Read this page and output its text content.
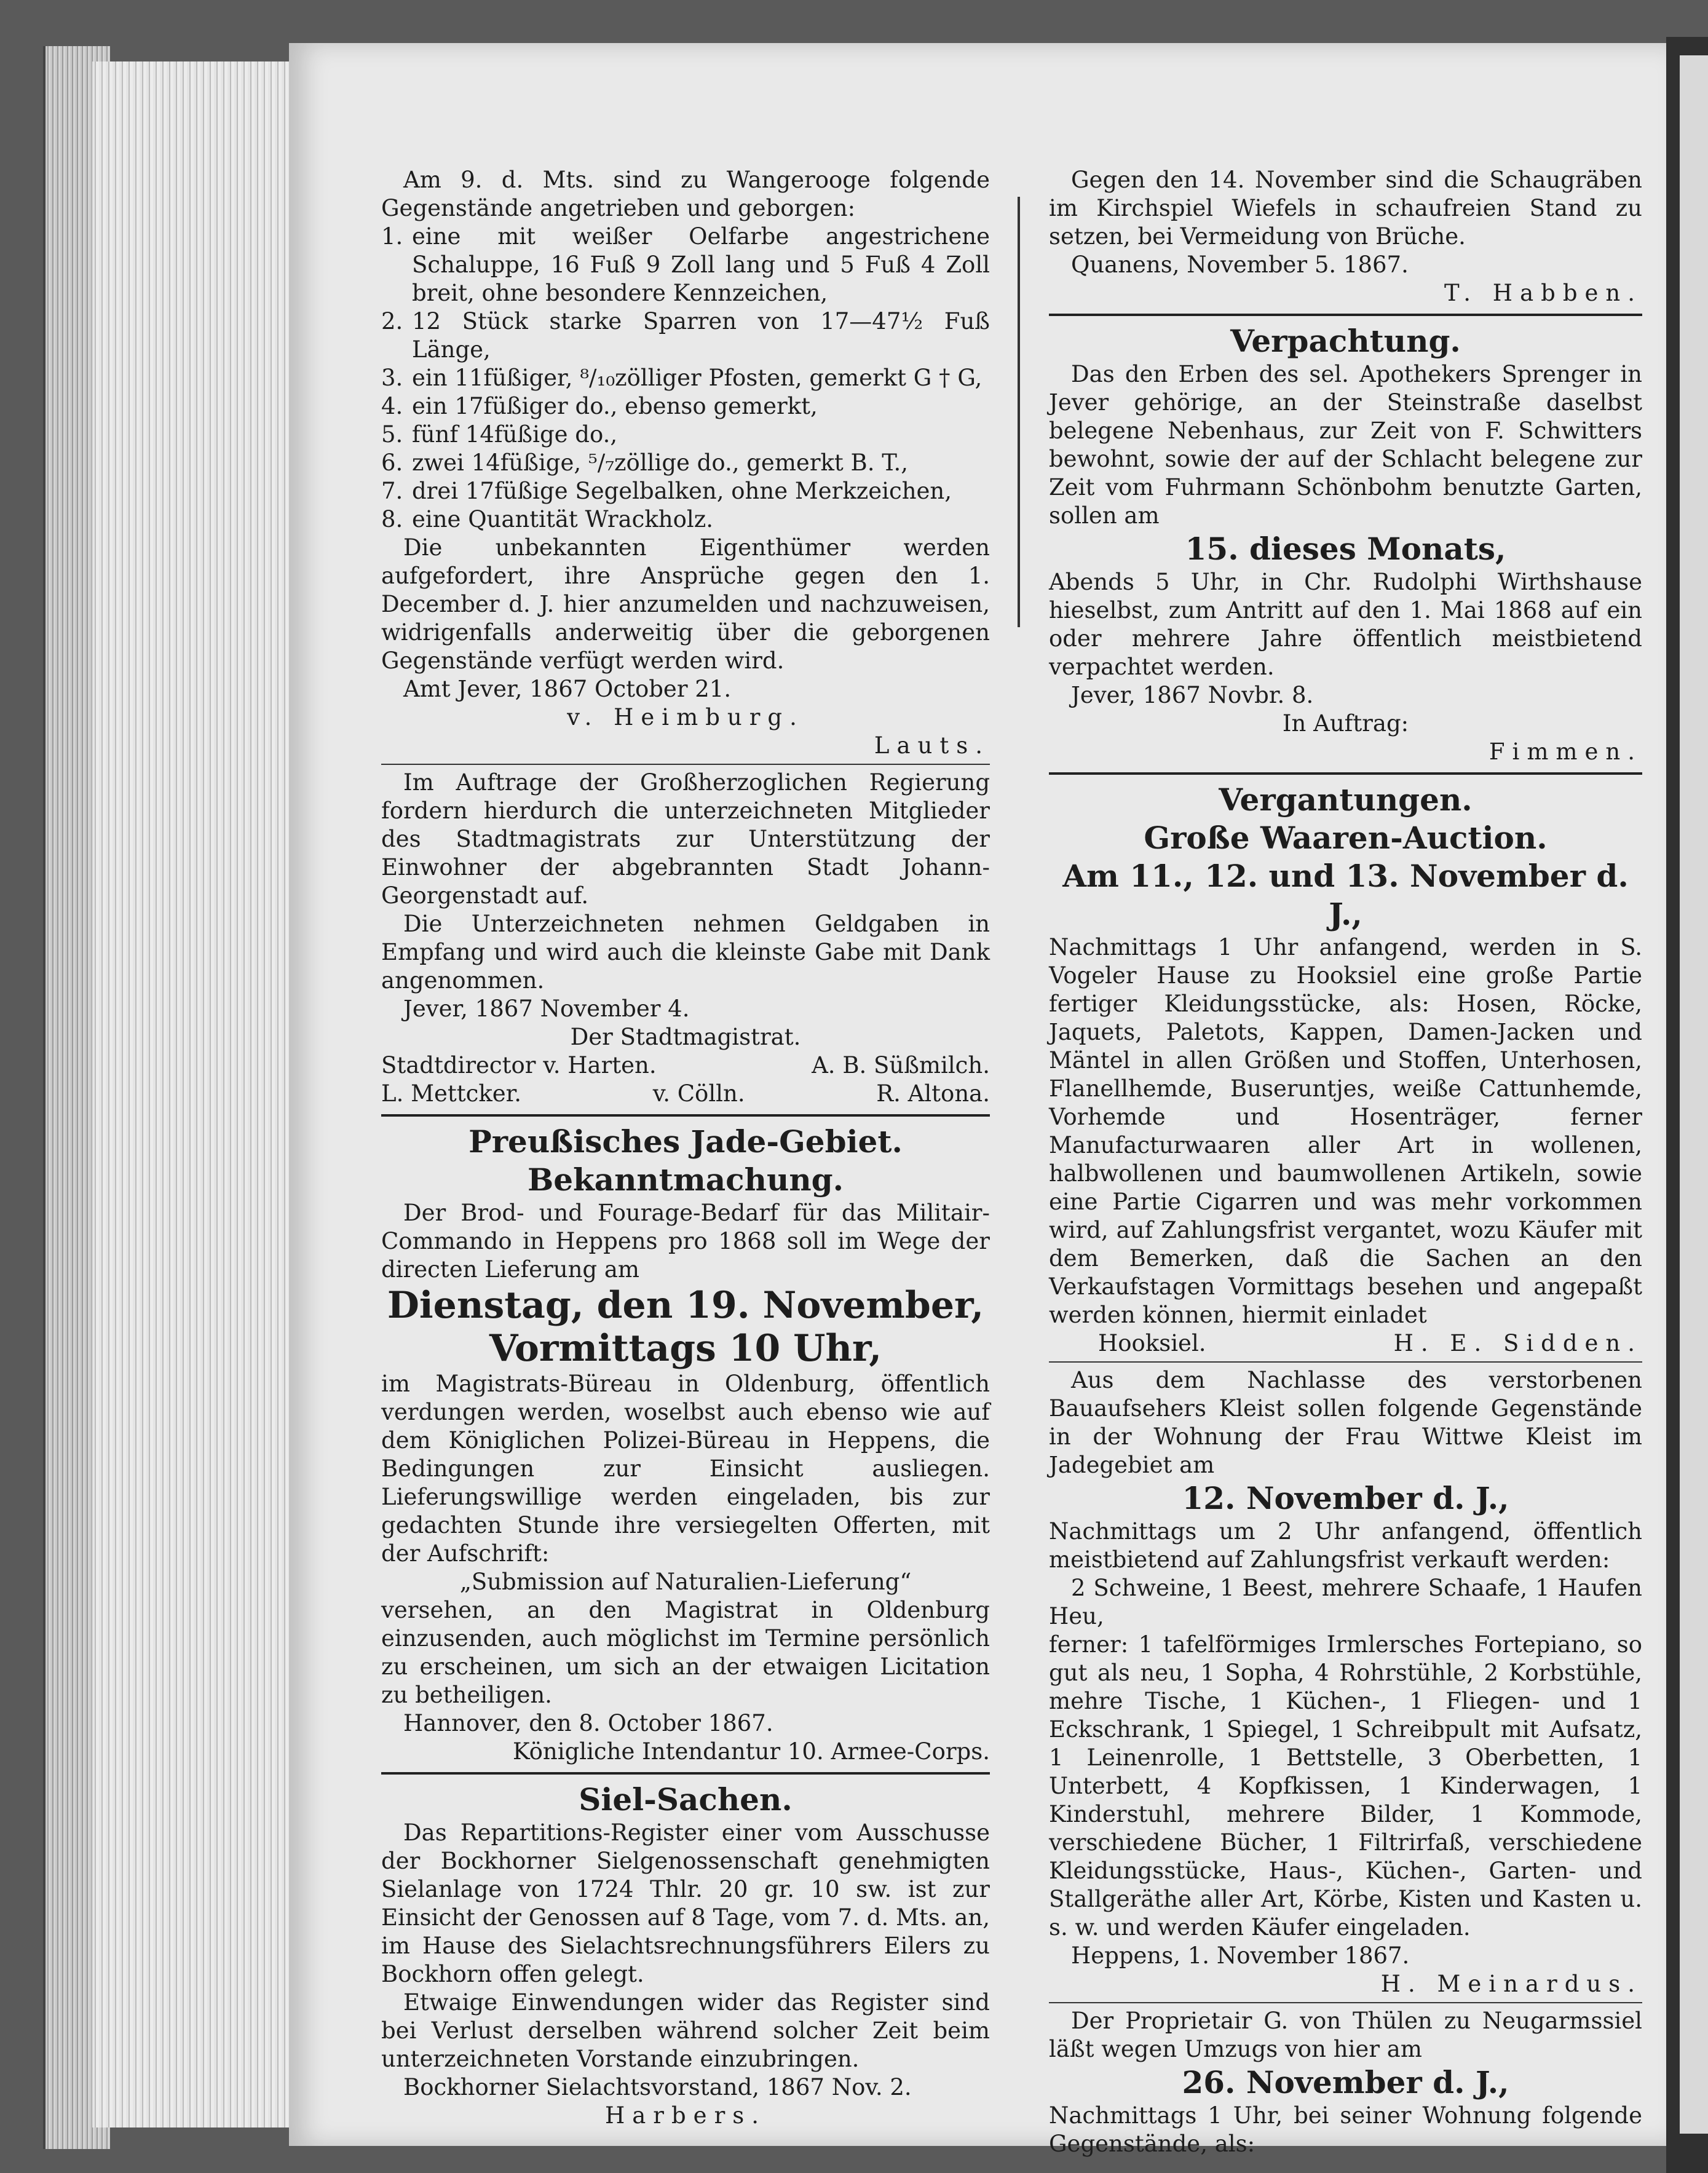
Am 9. d. Mts. sind zu Wangerooge folgende Gegenstände angetrieben und geborgen:

1. eine mit weißer Oelfarbe angestrichene Schaluppe, 16 Fuß 9 Zoll lang und 5 Fuß 4 Zoll breit, ohne besondere Kennzeichen,
2. 12 Stück starke Sparren von 17—47½ Fuß Länge,
3. ein 11füßiger, ⁸/₁₀zölliger Pfosten, gemerkt G † G,
4. ein 17füßiger do., ebenso gemerkt,
5. fünf 14füßige do.,
6. zwei 14füßige, ⁵/₇zöllige do., gemerkt B. T.,
7. drei 17füßige Segelbalken, ohne Merkzeichen,
8. eine Quantität Wrackholz.

Die unbekannten Eigenthümer werden aufgefordert, ihre Ansprüche gegen den 1. December d. J. hier anzumelden und nachzuweisen, widrigenfalls anderweitig über die geborgenen Gegenstände verfügt werden wird.

Amt Jever, 1867 October 21.

v. Heimburg.

Lauts.

Im Auftrage der Großherzoglichen Regierung fordern hierdurch die unterzeichneten Mitglieder des Stadtmagistrats zur Unterstützung der Einwohner der abgebrannten Stadt Johann-Georgenstadt auf.

Die Unterzeichneten nehmen Geldgaben in Empfang und wird auch die kleinste Gabe mit Dank angenommen.

Jever, 1867 November 4.

Der Stadtmagistrat.

Stadtdirector v. Harten.	A. B. Süßmilch.
L. Mettcker.	v. Cölln.	R. Altona.

Preußisches Jade-Gebiet.

Bekanntmachung.

Der Brod- und Fourage-Bedarf für das Militair-Commando in Heppens pro 1868 soll im Wege der directen Lieferung am

Dienstag, den 19. November,

Vormittags 10 Uhr,

im Magistrats-Büreau in Oldenburg, öffentlich verdungen werden, woselbst auch ebenso wie auf dem Königlichen Polizei-Büreau in Heppens, die Bedingungen zur Einsicht ausliegen. Lieferungswillige werden eingeladen, bis zur gedachten Stunde ihre versiegelten Offerten, mit der Aufschrift:

„Submission auf Naturalien-Lieferung“

versehen, an den Magistrat in Oldenburg einzusenden, auch möglichst im Termine persönlich zu erscheinen, um sich an der etwaigen Licitation zu betheiligen.

Hannover, den 8. October 1867.

Königliche Intendantur 10. Armee-Corps.

Siel-Sachen.

Das Repartitions-Register einer vom Ausschusse der Bockhorner Sielgenossenschaft genehmigten Sielanlage von 1724 Thlr. 20 gr. 10 sw. ist zur Einsicht der Genossen auf 8 Tage, vom 7. d. Mts. an, im Hause des Sielachtsrechnungsführers Eilers zu Bockhorn offen gelegt.

Etwaige Einwendungen wider das Register sind bei Verlust derselben während solcher Zeit beim unterzeichneten Vorstande einzubringen.

Bockhorner Sielachtsvorstand, 1867 Nov. 2.

Harbers.

Gegen den 14. November sind die Schaugräben im Kirchspiel Wiefels in schaufreien Stand zu setzen, bei Vermeidung von Brüche.

Quanens, November 5. 1867.

T. Habben.

Verpachtung.

Das den Erben des sel. Apothekers Sprenger in Jever gehörige, an der Steinstraße daselbst belegene Nebenhaus, zur Zeit von F. Schwitters bewohnt, sowie der auf der Schlacht belegene zur Zeit vom Fuhrmann Schönbohm benutzte Garten, sollen am

15. dieses Monats,

Abends 5 Uhr, in Chr. Rudolphi Wirthshause hieselbst, zum Antritt auf den 1. Mai 1868 auf ein oder mehrere Jahre öffentlich meistbietend verpachtet werden.

Jever, 1867 Novbr. 8.

In Auftrag:

Fimmen.

Vergantungen.

Große Waaren-Auction.

Am 11., 12. und 13. November d. J.,

Nachmittags 1 Uhr anfangend, werden in S. Vogeler Hause zu Hooksiel eine große Partie fertiger Kleidungsstücke, als: Hosen, Röcke, Jaquets, Paletots, Kappen, Damen-Jacken und Mäntel in allen Größen und Stoffen, Unterhosen, Flanellhemde, Buseruntjes, weiße Cattunhemde, Vorhemde und Hosenträger, ferner Manufacturwaaren aller Art in wollenen, halbwollenen und baumwollenen Artikeln, sowie eine Partie Cigarren und was mehr vorkommen wird, auf Zahlungsfrist vergantet, wozu Käufer mit dem Bemerken, daß die Sachen an den Verkaufstagen Vormittags besehen und angepaßt werden können, hiermit einladet

Hooksiel.	H. E. Sidden.

Aus dem Nachlasse des verstorbenen Bauaufsehers Kleist sollen folgende Gegenstände in der Wohnung der Frau Wittwe Kleist im Jadegebiet am

12. November d. J.,

Nachmittags um 2 Uhr anfangend, öffentlich meistbietend auf Zahlungsfrist verkauft werden:

2 Schweine, 1 Beest, mehrere Schaafe, 1 Haufen Heu,

ferner: 1 tafelförmiges Irmlersches Fortepiano, so gut als neu, 1 Sopha, 4 Rohrstühle, 2 Korbstühle, mehre Tische, 1 Küchen-, 1 Fliegen- und 1 Eckschrank, 1 Spiegel, 1 Schreibpult mit Aufsatz, 1 Leinenrolle, 1 Bettstelle, 3 Oberbetten, 1 Unterbett, 4 Kopfkissen, 1 Kinderwagen, 1 Kinderstuhl, mehrere Bilder, 1 Kommode, verschiedene Bücher, 1 Filtrirfaß, verschiedene Kleidungsstücke, Haus-, Küchen-, Garten- und Stallgeräthe aller Art, Körbe, Kisten und Kasten u. s. w. und werden Käufer eingeladen.

Heppens, 1. November 1867.

H. Meinardus.

Der Proprietair G. von Thülen zu Neugarmssiel läßt wegen Umzugs von hier am

26. November d. J.,

Nachmittags 1 Uhr, bei seiner Wohnung folgende Gegenstände, als:
